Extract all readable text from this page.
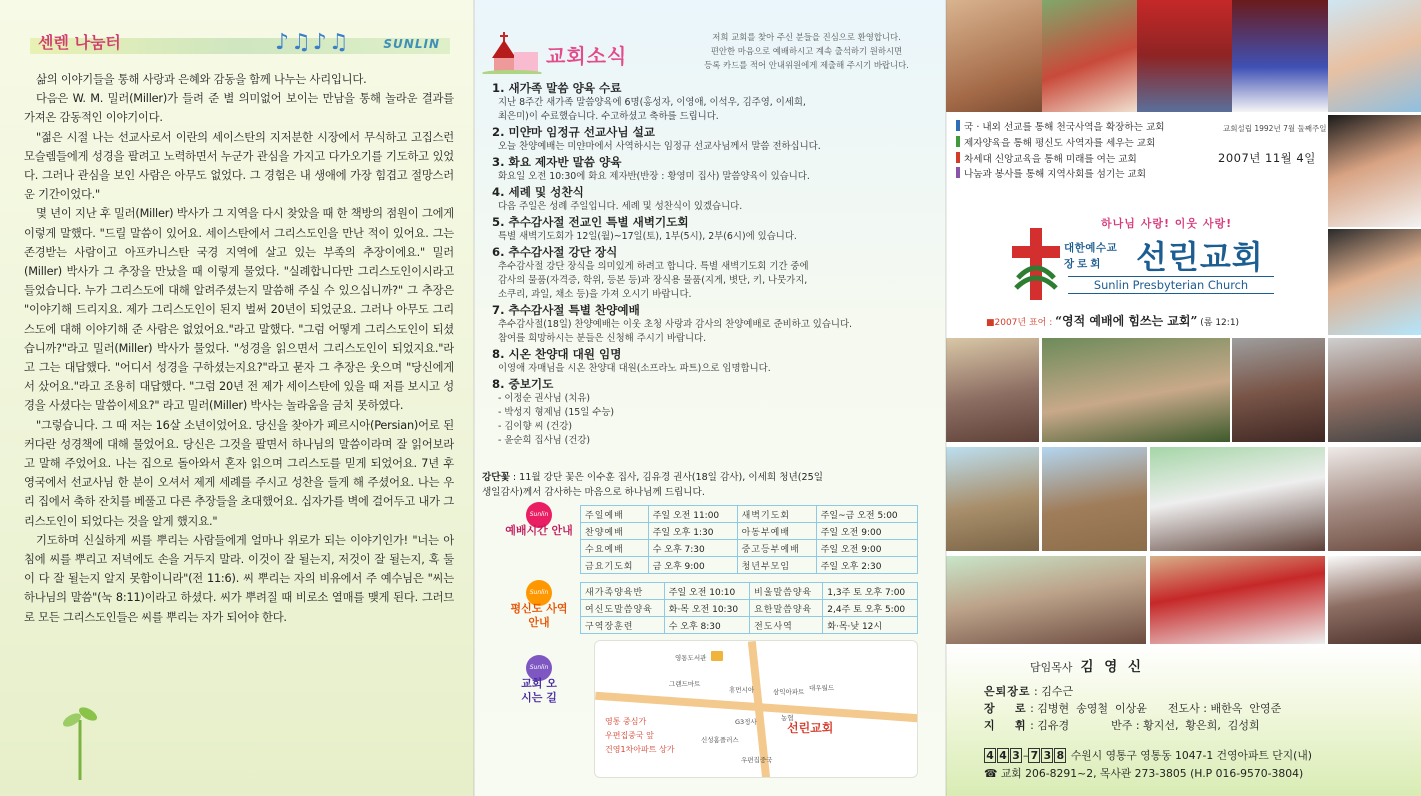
센렌 나눔터	♪♫♪♫	SUNLIN

삶의 이야기들을 통해 사랑과 은혜와 감동을 함께 나누는 사리입니다.

다음은 W. M. 밀러(Miller)가 들려 준 별 의미없어 보이는 만남을 통해 놀라운 결과를 가져온 감동적인 이야기이다.

"젊은 시절 나는 선교사로서 이란의 세이스탄의 지저분한 시장에서 무식하고 고집스런 모슬렘들에게 성경을 팔려고 노력하면서 누군가 관심을 가지고 다가오기를 기도하고 있었다. 그러나 관심을 보인 사람은 아무도 없었다. 그 경험은 내 생애에 가장 힘겹고 절망스러운 기간이었다."

몇 년이 지난 후 밀러(Miller) 박사가 그 지역을 다시 찾았을 때 한 책방의 점원이 그에게 이렇게 말했다. "드릴 말씀이 있어요. 세이스탄에서 그리스도인을 만난 적이 있어요. 그는 존경받는 사람이고 아프카니스탄 국경 지역에 살고 있는 부족의 추장이에요." 밀러(Miller) 박사가 그 추장을 만났을 때 이렇게 물었다. "실례합니다만 그리스도인이시라고 들었습니다. 누가 그리스도에 대해 알려주셨는지 말씀해 주실 수 있으십니까?" 그 추장은 "이야기해 드리지요. 제가 그리스도인이 된지 벌써 20년이 되었군요. 그러나 아무도 그리스도에 대해 이야기해 준 사람은 없었어요."라고 말했다. "그럼 어떻게 그리스도인이 되셨습니까?"라고 밀러(Miller) 박사가 물었다. "성경을 읽으면서 그리스도인이 되었지요."라고 그는 대답했다. "어디서 성경을 구하셨는지요?"라고 묻자 그 추장은 웃으며 "당신에게서 샀어요."라고 조용히 대답했다. "그럼 20년 전 제가 세이스탄에 있을 때 저를 보시고 성경을 사셨다는 말씀이세요?" 라고 밀러(Miller) 박사는 놀라움을 금치 못하였다.

"그렇습니다. 그 때 저는 16살 소년이었어요. 당신을 찾아가 페르시아(Persian)어로 된 커다란 성경책에 대해 물었어요. 당신은 그것을 팔면서 하나님의 말씀이라며 잘 읽어보라고 말해 주었어요. 나는 집으로 돌아와서 혼자 읽으며 그리스도를 믿게 되었어요. 7년 후 영국에서 선교사님 한 분이 오셔서 제게 세례를 주시고 성찬을 들게 해 주셨어요. 나는 우리 집에서 축하 잔치를 베풀고 다른 추장들을 초대했어요. 십자가를 벽에 걸어두고 내가 그리스도인이 되었다는 것을 알게 했지요."

기도하며 신실하게 씨를 뿌리는 사람들에게 얼마나 위로가 되는 이야기인가! "너는 아침에 씨를 뿌리고 저녁에도 손을 거두지 말라. 이것이 잘 될는지, 저것이 잘 될는지, 혹 둘이 다 잘 될는지 알지 못함이니라"(전 11:6). 씨 뿌리는 자의 비유에서 주 예수님은 "씨는 하나님의 말씀"(눅 8:11)이라고 하셨다. 씨가 뿌려질 때 비로소 열매를 맺게 된다. 그러므로 모든 그리스도인들은 씨를 뿌리는 자가 되어야 한다.

교회소식
저희 교회를 찾아 주신 분들을 진심으로 환영합니다.
편안한 마음으로 예배하시고 계속 출석하기 원하시면
등록 카드를 적어 안내위원에게 제출해 주시기 바랍니다.
1. 새가족 말씀 양육 수료
지난 8주간 새가족 말씀양육에 6명(홍성자, 이영애, 이석우, 김주영, 이세희,
최은미)이 수료했습니다. 수고하셨고 축하를 드립니다.
2. 미얀마 임정규 선교사님 설교
오늘 찬양예배는 미얀마에서 사역하시는 임정규 선교사님께서 말씀 전하십니다.
3. 화요 제자반 말씀 양육
화요일 오전 10:30에 화요 제자반(반장 : 황영미 집사) 말씀양육이 있습니다.
4. 세례 및 성찬식
다음 주일은 성례 주일입니다. 세례 및 성찬식이 있겠습니다.
5. 추수감사절 전교인 특별 새벽기도회
특별 새벽기도회가 12일(월)~17일(토), 1부(5시), 2부(6시)에 있습니다.
6. 추수감사절 강단 장식
추수감사절 강단 장식을 의미있게 하려고 합니다. 특별 새벽기도회 기간 중에
감사의 물품(자격증, 학위, 등본 등)과 장식용 물품(지게, 볏단, 키, 나뭇가지,
소쿠리, 과일, 채소 등)을 가져 오시기 바랍니다.
7. 추수감사절 특별 찬양예배
추수감사절(18일) 찬양예배는 이웃 초청 사랑과 감사의 찬양예배로 준비하고 있습니다.
참여를 희망하시는 분들은 신청해 주시기 바랍니다.
8. 시온 찬양대 대원 임명
이영애 자매님을 시온 찬양대 대원(소프라노 파트)으로 임명합니다.
8. 중보기도
- 이정순 권사님 (치유)
- 박성지 형제님 (15일 수능)
- 김이향 씨 (건강)
- 윤순희 집사님 (건강)
강단꽃 : 11월 강단 꽃은 이수훈 집사, 김유경 권사(18일 감사), 이세희 청년(25일
생일감사)께서 감사하는 마음으로 하나님께 드립니다.
Sunlin
예배시간 안내
주일예배	주일 오전 11:00	새벽기도회	주일~금 오전 5:00
찬양예배	주일 오후 1:30	아동부예배	주일 오전 9:00
수요예배	수 오후 7:30	중고등부예배	주일 오전 9:00
금요기도회	금 오후 9:00	청년부모임	주일 오후 2:30
Sunlin
평신도 사역 안내
새가족양육반	주일 오전 10:10	비울말씀양육	1,3주 토 오후 7:00
여신도말씀양육	화·목 오전 10:30	요한말씀양육	2,4주 토 오후 5:00
구역장훈련	수 오후 8:30	전도사역	화·목·낮 12시
Sunlin
교회 오시는 길
영통도서관
그랜드마트
휴먼시아	삼익아파트 대우월드
G3정사	농협
신성홈플러스
우편집중국
영통 중심가
우편집중국 앞
건영1차아파트 상가
선린교회
국 · 내외 선교를 통해 천국사역을 확장하는 교회
제자양육을 통해 평신도 사역자를 세우는 교회
차세대 신앙교육을 통해 미래를 여는 교회
나눔과 봉사를 통해 지역사회를 섬기는 교회
교회설립 1992년 7월 둘째주일
2007년 11월 4일
하나님 사랑! 이웃 사랑!
대한예수교
장로회 선린교회
Sunlin Presbyterian Church
■2007년 표어 : “영적 예배에 힘쓰는 교회” (롬 12:1)
담임목사 김 영 신
은퇴장로 : 김수근
장    로 : 김병현  송영철  이상윤      전도사 : 배한옥  안영준
지    휘 : 김유경            반주 : 황지선,  황은희,  김성희
4 4 3 – 7 3 8 수원시 영통구 영통동 1047-1 건영아파트 단지(내)
☎ 교회 206-8291~2, 목사관 273-3805 (H.P 016-9570-3804)
